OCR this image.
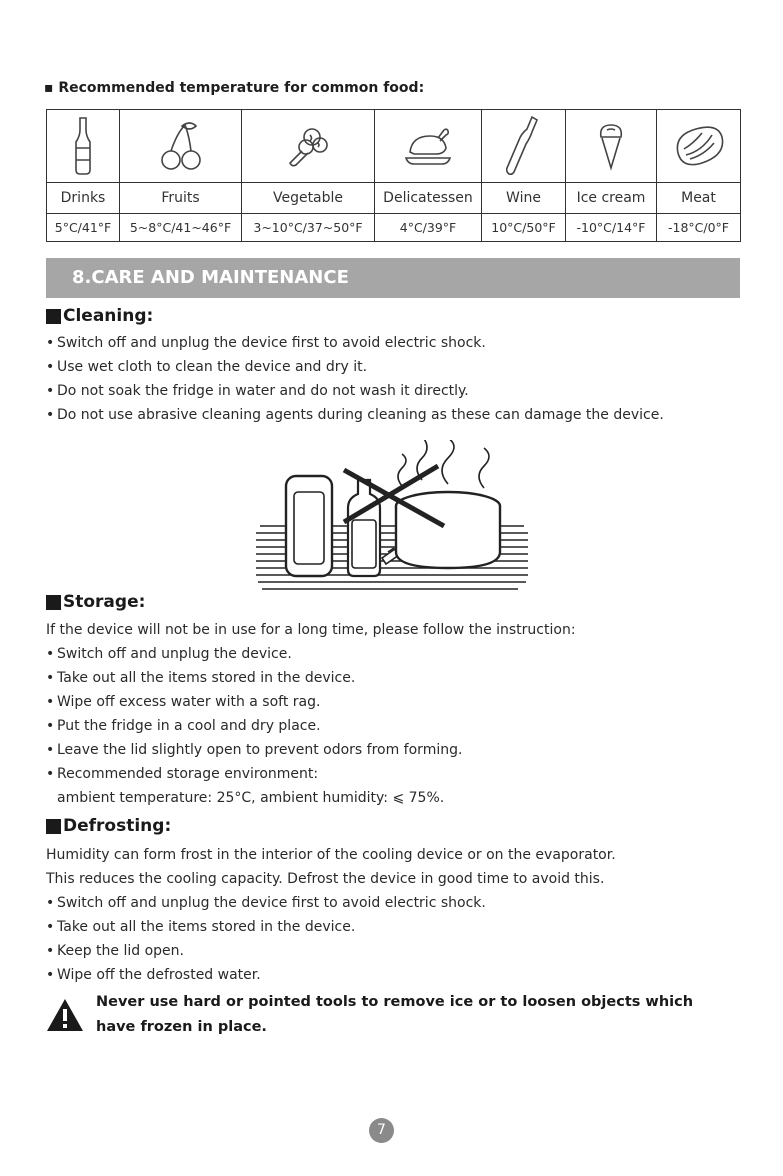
▪ Recommended temperature for common food:

Drinks	Fruits	Vegetable	Delicatessen	Wine	Ice cream	Meat
5°C/41°F	5~8°C/41~46°F	3~10°C/37~50°F	4°C/39°F	10°C/50°F	-10°C/14°F	-18°C/0°F
8.CARE AND MAINTENANCE
Cleaning:
• Switch off and unplug the device first to avoid electric shock.
• Use wet cloth to clean the device and dry it.
• Do not soak the fridge in water and do not wash it directly.
• Do not use abrasive cleaning agents during cleaning as these can damage the device.
Storage:
If the device will not be in use for a long time, please follow the instruction:
• Switch off and unplug the device.
• Take out all the items stored in the device.
• Wipe off excess water with a soft rag.
• Put the fridge in a cool and dry place.
• Leave the lid slightly open to prevent odors from forming.
• Recommended storage environment:
ambient temperature: 25°C, ambient humidity: ⩽ 75%.
Defrosting:
Humidity can form frost in the interior of the cooling device or on the evaporator.
This reduces the cooling capacity. Defrost the device in good time to avoid this.
• Switch off and unplug the device first to avoid electric shock.
• Take out all the items stored in the device.
• Keep the lid open.
• Wipe off the defrosted water.
Never use hard or pointed tools to remove ice or to loosen objects which have frozen in place.
7
